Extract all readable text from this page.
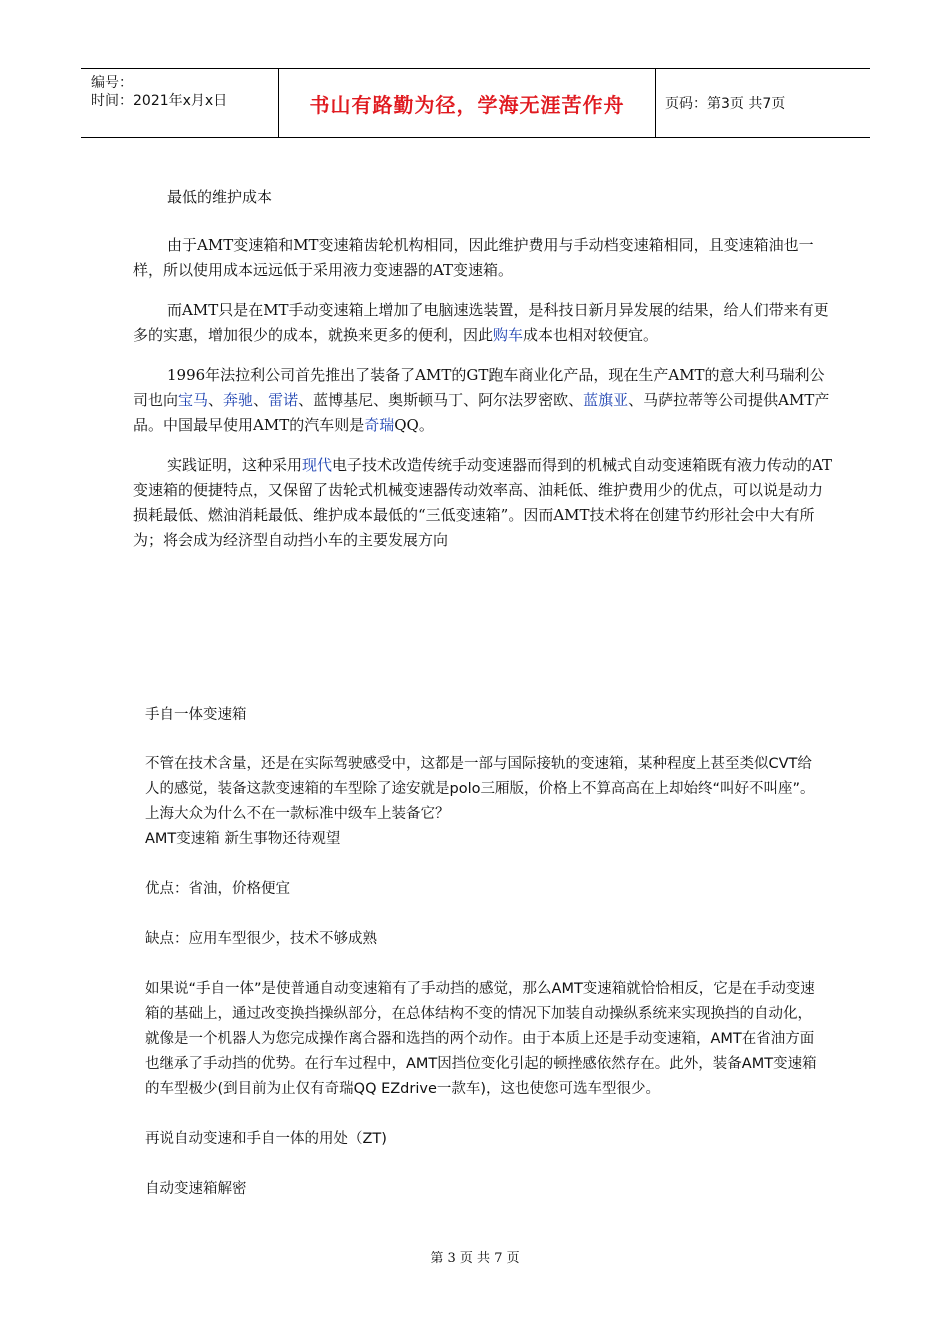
编号：
时间：2021年x月x日	书山有路勤为径，学海无涯苦作舟	页码：第3页 共7页

最低的维护成本

由于AMT变速箱和MT变速箱齿轮机构相同，因此维护费用与手动档变速箱相同，且变速箱油也一样，所以使用成本远远低于采用液力变速器的AT变速箱。

而AMT只是在MT手动变速箱上增加了电脑速选装置，是科技日新月异发展的结果，给人们带来有更多的实惠，增加很少的成本，就换来更多的便利，因此购车成本也相对较便宜。

1996年法拉利公司首先推出了装备了AMT的GT跑车商业化产品，现在生产AMT的意大利马瑞利公司也向宝马、奔驰、雷诺、蓝博基尼、奥斯顿马丁、阿尔法罗密欧、蓝旗亚、马萨拉蒂等公司提供AMT产品。中国最早使用AMT的汽车则是奇瑞QQ。

实践证明，这种采用现代电子技术改造传统手动变速器而得到的机械式自动变速箱既有液力传动的AT变速箱的便捷特点，又保留了齿轮式机械变速器传动效率高、油耗低、维护费用少的优点，可以说是动力损耗最低、燃油消耗最低、维护成本最低的“三低变速箱”。因而AMT技术将在创建节约形社会中大有所为；将会成为经济型自动挡小车的主要发展方向

手自一体变速箱

不管在技术含量，还是在实际驾驶感受中，这都是一部与国际接轨的变速箱，某种程度上甚至类似CVT给人的感觉，装备这款变速箱的车型除了途安就是polo三厢版，价格上不算高高在上却始终“叫好不叫座”。上海大众为什么不在一款标准中级车上装备它？

AMT变速箱 新生事物还待观望

优点：省油，价格便宜

缺点：应用车型很少，技术不够成熟

如果说“手自一体”是使普通自动变速箱有了手动挡的感觉，那么AMT变速箱就恰恰相反，它是在手动变速箱的基础上，通过改变换挡操纵部分，在总体结构不变的情况下加装自动操纵系统来实现换挡的自动化，就像是一个机器人为您完成操作离合器和选挡的两个动作。由于本质上还是手动变速箱，AMT在省油方面也继承了手动挡的优势。在行车过程中，AMT因挡位变化引起的顿挫感依然存在。此外，装备AMT变速箱的车型极少(到目前为止仅有奇瑞QQ EZdrive一款车)，这也使您可选车型很少。

再说自动变速和手自一体的用处（ZT)

自动变速箱解密

第 3 页 共 7 页
